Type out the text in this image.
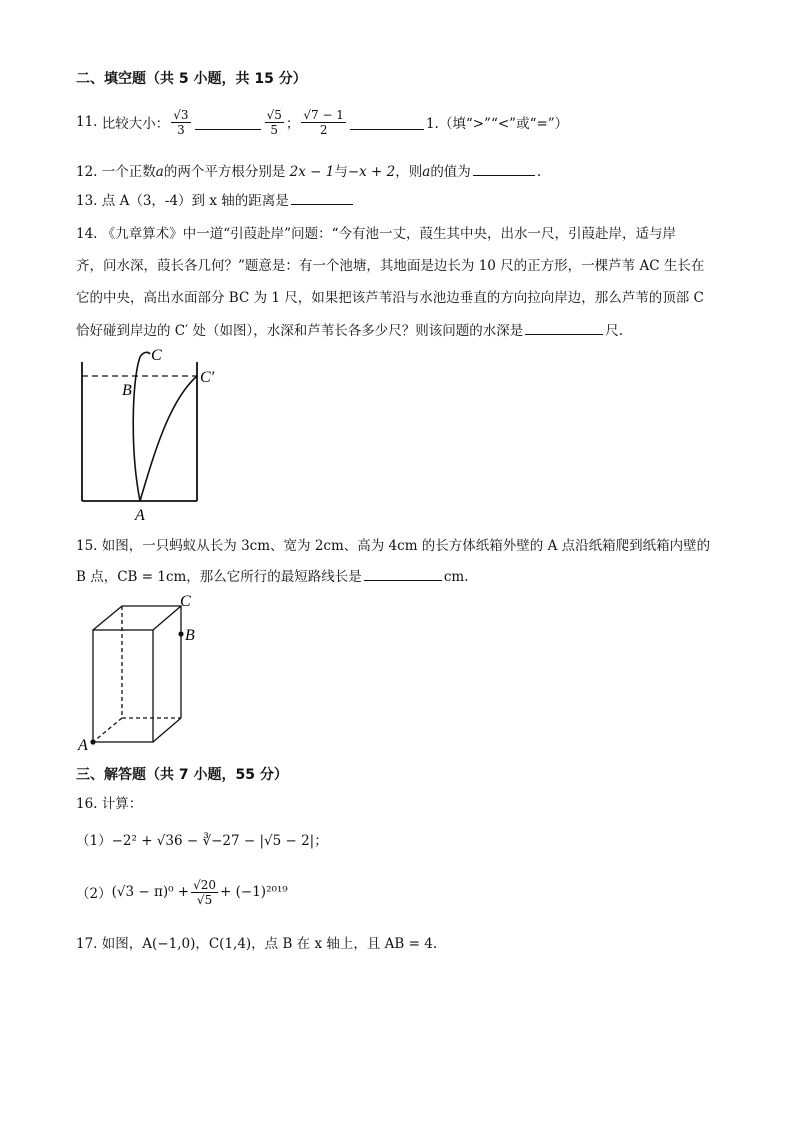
二、填空题（共 5 小题，共 15 分）
11.
比较大小： $\frac{√3}{3}$	$\frac{√5}{5}$ ； $\frac{√7 - 1}{2}$	1.（填“>”“<”或“=”）
12. 一个正数a的两个平方根分别是 2x − 1与−x + 2，则a的值为	.
13. 点 A（3，-4）到 x 轴的距离是
14. 《九章算术》中一道“引葭赴岸”问题：“今有池一丈，葭生其中央，出水一尺，引葭赴岸，适与岸
齐，问水深，葭长各几何？”题意是：有一个池塘，其地面是边长为 10 尺的正方形，一棵芦苇 AC 生长在
它的中央，高出水面部分 BC 为 1 尺，如果把该芦苇沿与水池边垂直的方向拉向岸边，那么芦苇的顶部 C
恰好碰到岸边的 C′ 处（如图），水深和芦苇长各多少尺？则该问题的水深是	尺.
C
B
C′
A
15. 如图，一只蚂蚁从长为 3cm、宽为 2cm、高为 4cm 的长方体纸箱外壁的 A 点沿纸箱爬到纸箱内壁的
B 点，CB = 1cm，那么它所行的最短路线长是	cm.
C
B
A
三、解答题（共 7 小题，55 分）
16. 计算：
（1）−2² + √36 − ∛−27 − |√5 − 2|；
（2） $(√3 - \pi)^0 + \frac{√20}{√5} + (-1)^{2019}$
17. 如图，A(−1,0)，C(1,4)，点 B 在 x 轴上，且 AB = 4.
